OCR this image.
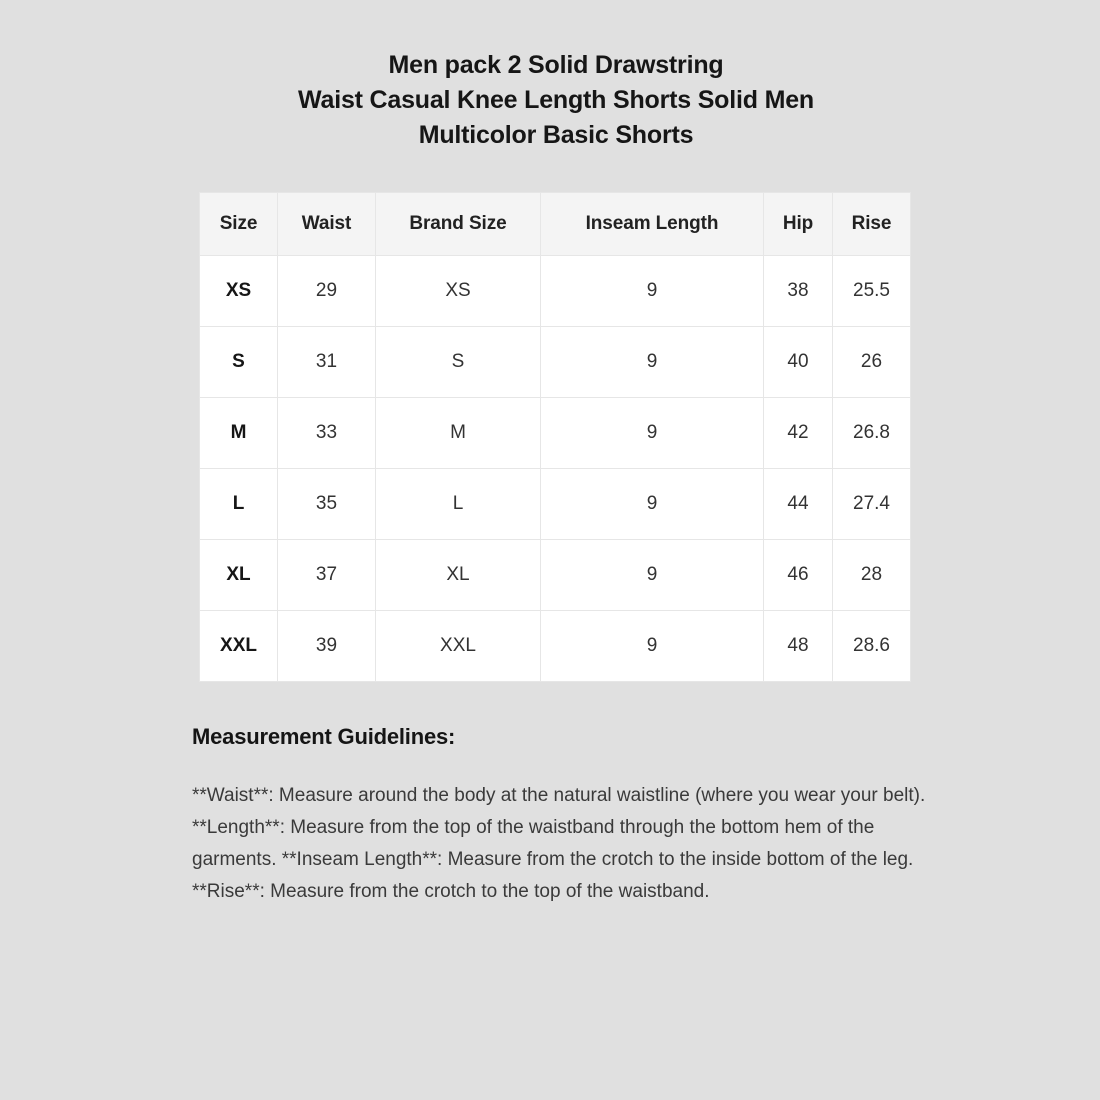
Men pack 2 Solid Drawstring
Waist Casual Knee Length Shorts Solid Men
Multicolor Basic Shorts
Size	Waist	Brand Size	Inseam Length	Hip	Rise
XS	29	XS	9	38	25.5
S	31	S	9	40	26
M	33	M	9	42	26.8
L	35	L	9	44	27.4
XL	37	XL	9	46	28
XXL	39	XXL	9	48	28.6
Measurement Guidelines:
**Waist**: Measure around the body at the natural waistline (where you wear your belt). **Length**: Measure from the top of the waistband through the bottom hem of the garments. **Inseam Length**: Measure from the crotch to the inside bottom of the leg. **Rise**: Measure from the crotch to the top of the waistband.
